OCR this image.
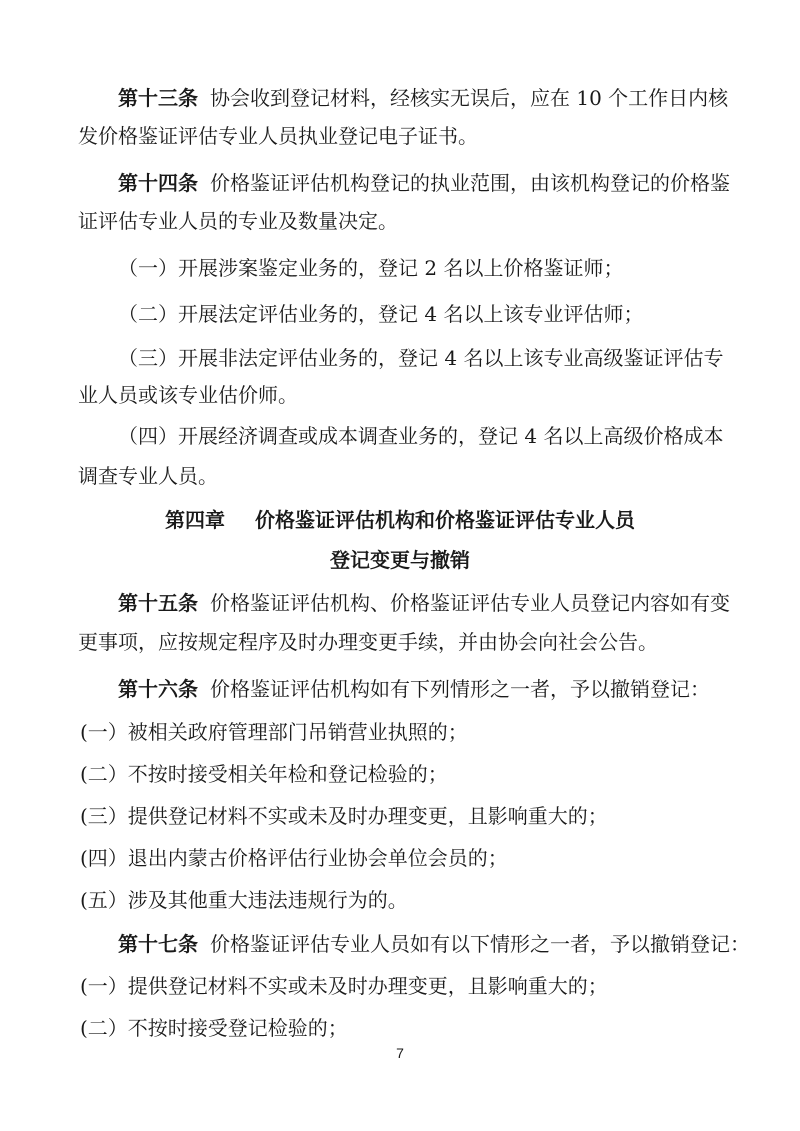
第十三条 协会收到登记材料，经核实无误后，应在 10 个工作日内核
发价格鉴证评估专业人员执业登记电子证书。
第十四条 价格鉴证评估机构登记的执业范围，由该机构登记的价格鉴
证评估专业人员的专业及数量决定。
（一）开展涉案鉴定业务的，登记 2 名以上价格鉴证师；
（二）开展法定评估业务的，登记 4 名以上该专业评估师；
（三）开展非法定评估业务的，登记 4 名以上该专业高级鉴证评估专
业人员或该专业估价师。
（四）开展经济调查或成本调查业务的，登记 4 名以上高级价格成本
调查专业人员。
第四章 价格鉴证评估机构和价格鉴证评估专业人员
登记变更与撤销
第十五条 价格鉴证评估机构、价格鉴证评估专业人员登记内容如有变
更事项，应按规定程序及时办理变更手续，并由协会向社会公告。
第十六条 价格鉴证评估机构如有下列情形之一者，予以撤销登记：
(一）被相关政府管理部门吊销营业执照的；
(二）不按时接受相关年检和登记检验的；
(三）提供登记材料不实或未及时办理变更，且影响重大的；
(四）退出内蒙古价格评估行业协会单位会员的；
(五）涉及其他重大违法违规行为的。
第十七条 价格鉴证评估专业人员如有以下情形之一者，予以撤销登记：
(一）提供登记材料不实或未及时办理变更，且影响重大的；
(二）不按时接受登记检验的；
7
